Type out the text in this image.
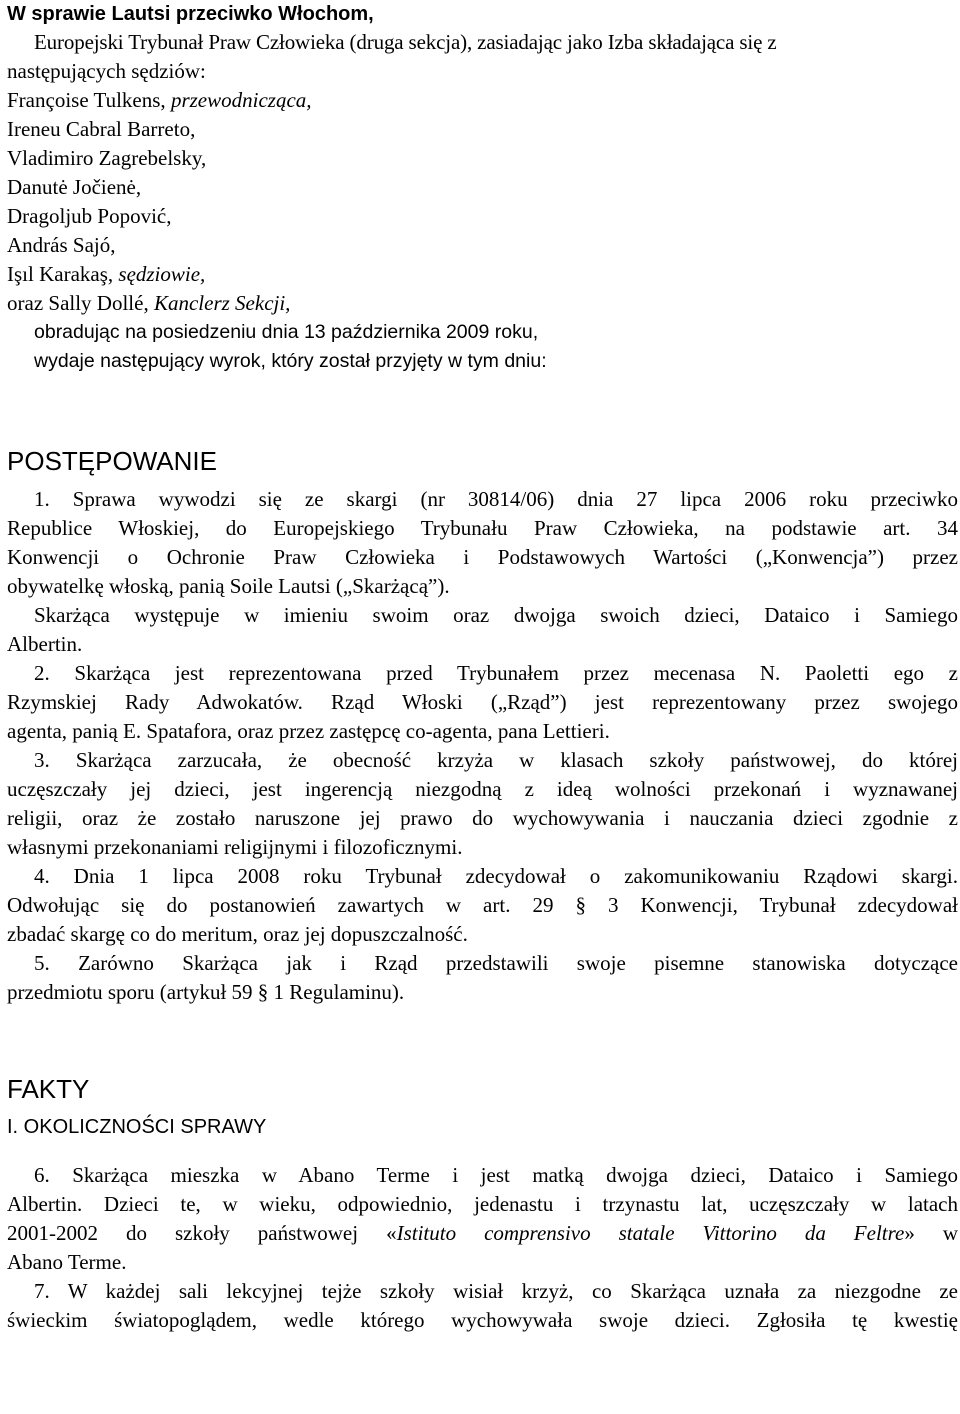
W sprawie Lautsi przeciwko Włochom,
Europejski Trybunał Praw Człowieka (druga sekcja), zasiadając jako Izba składająca się z
następujących sędziów:
Françoise Tulkens, przewodnicząca,
Ireneu Cabral Barreto,
Vladimiro Zagrebelsky,
Danutė Jočienė,
Dragoljub Popović,
András Sajó,
Işıl Karakaş, sędziowie,
oraz Sally Dollé, Kanclerz Sekcji,
obradując na posiedzeniu dnia 13 października 2009 roku,
wydaje następujący wyrok, który został przyjęty w tym dniu:
POSTĘPOWANIE
1. Sprawa wywodzi się ze skargi (nr 30814/06) dnia 27 lipca 2006 roku przeciwko
Republice Włoskiej, do Europejskiego Trybunału Praw Człowieka, na podstawie art. 34
Konwencji o Ochronie Praw Człowieka i Podstawowych Wartości („Konwencja”) przez
obywatelkę włoską, panią Soile Lautsi („Skarżącą”).
Skarżąca występuje w imieniu swoim oraz dwojga swoich dzieci, Dataico i Samiego
Albertin.
2. Skarżąca jest reprezentowana przed Trybunałem przez mecenasa N. Paoletti ego z
Rzymskiej Rady Adwokatów. Rząd Włoski („Rząd”) jest reprezentowany przez swojego
agenta, panią E. Spatafora, oraz przez zastępcę co-agenta, pana Lettieri.
3. Skarżąca zarzucała, że obecność krzyża w klasach szkoły państwowej, do której
uczęszczały jej dzieci, jest ingerencją niezgodną z ideą wolności przekonań i wyznawanej
religii, oraz że zostało naruszone jej prawo do wychowywania i nauczania dzieci zgodnie z
własnymi przekonaniami religijnymi i filozoficznymi.
4. Dnia 1 lipca 2008 roku Trybunał zdecydował o zakomunikowaniu Rządowi skargi.
Odwołując się do postanowień zawartych w art. 29 § 3 Konwencji, Trybunał zdecydował
zbadać skargę co do meritum, oraz jej dopuszczalność.
5. Zarówno Skarżąca jak i Rząd przedstawili swoje pisemne stanowiska dotyczące
przedmiotu sporu (artykuł 59 § 1 Regulaminu).
FAKTY
I. OKOLICZNOŚCI SPRAWY
6. Skarżąca mieszka w Abano Terme i jest matką dwojga dzieci, Dataico i Samiego
Albertin. Dzieci te, w wieku, odpowiednio, jedenastu i trzynastu lat, uczęszczały w latach
2001-2002 do szkoły państwowej «Istituto comprensivo statale Vittorino da Feltre» w
Abano Terme.
7. W każdej sali lekcyjnej tejże szkoły wisiał krzyż, co Skarżąca uznała za niezgodne ze
świeckim światopoglądem, wedle którego wychowywała swoje dzieci. Zgłosiła tę kwestię
